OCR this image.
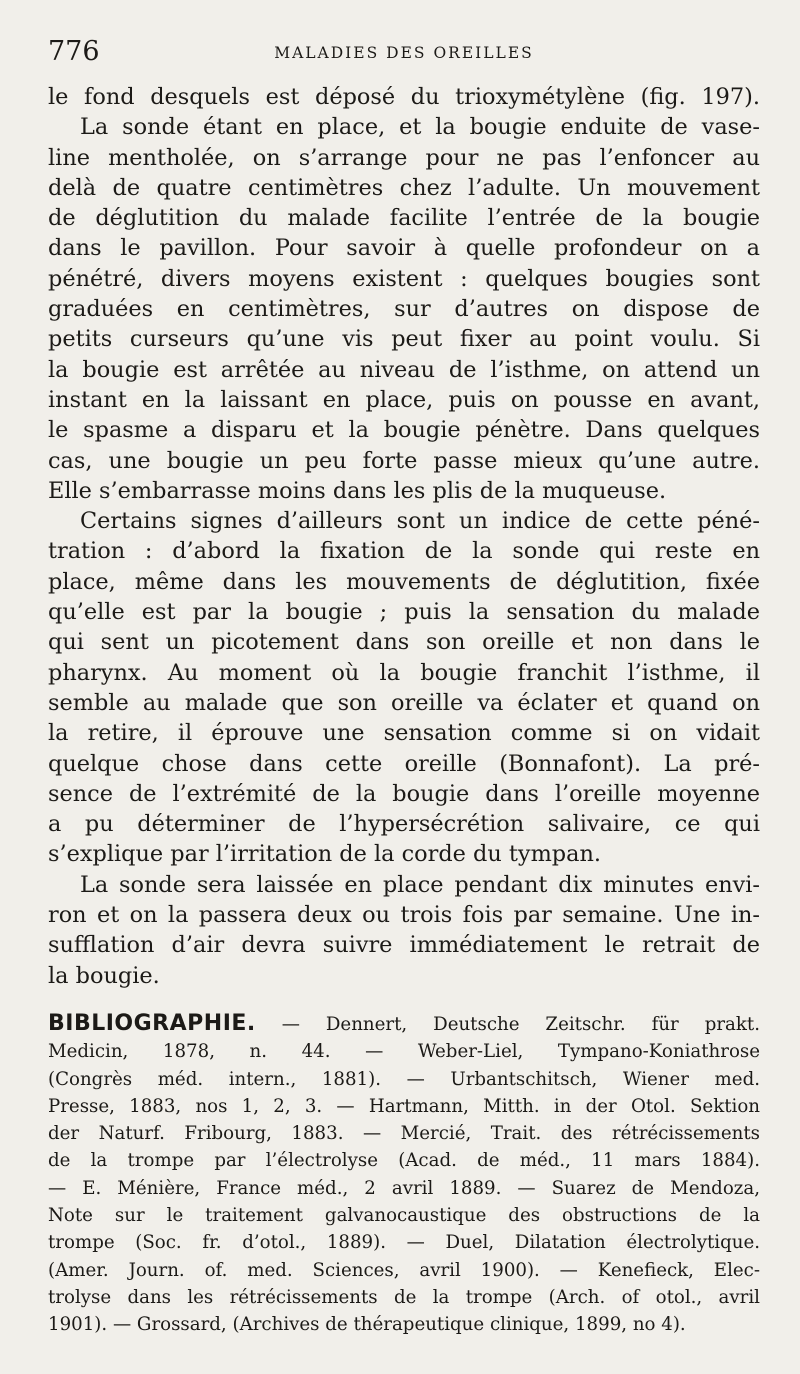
776	MALADIES DES OREILLES
le fond desquels est déposé du trioxymétylène (fig. 197).
La sonde étant en place, et la bougie enduite de vase-
line mentholée, on s’arrange pour ne pas l’enfoncer au
delà de quatre centimètres chez l’adulte. Un mouvement
de déglutition du malade facilite l’entrée de la bougie
dans le pavillon. Pour savoir à quelle profondeur on a
pénétré, divers moyens existent : quelques bougies sont
graduées en centimètres, sur d’autres on dispose de
petits curseurs qu’une vis peut fixer au point voulu. Si
la bougie est arrêtée au niveau de l’isthme, on attend un
instant en la laissant en place, puis on pousse en avant,
le spasme a disparu et la bougie pénètre. Dans quelques
cas, une bougie un peu forte passe mieux qu’une autre.
Elle s’embarrasse moins dans les plis de la muqueuse.
Certains signes d’ailleurs sont un indice de cette péné-
tration : d’abord la fixation de la sonde qui reste en
place, même dans les mouvements de déglutition, fixée
qu’elle est par la bougie ; puis la sensation du malade
qui sent un picotement dans son oreille et non dans le
pharynx. Au moment où la bougie franchit l’isthme, il
semble au malade que son oreille va éclater et quand on
la retire, il éprouve une sensation comme si on vidait
quelque chose dans cette oreille (Bonnafont). La pré-
sence de l’extrémité de la bougie dans l’oreille moyenne
a pu déterminer de l’hypersécrétion salivaire, ce qui
s’explique par l’irritation de la corde du tympan.
La sonde sera laissée en place pendant dix minutes envi-
ron et on la passera deux ou trois fois par semaine. Une in-
sufflation d’air devra suivre immédiatement le retrait de
la bougie.
BIBLIOGRAPHIE. — Dennert, Deutsche Zeitschr. für prakt.
Medicin, 1878, n. 44. — Weber-Liel, Tympano-Koniathrose
(Congrès méd. intern., 1881). — Urbantschitsch, Wiener med.
Presse, 1883, nos 1, 2, 3. — Hartmann, Mitth. in der Otol. Sektion
der Naturf. Fribourg, 1883. — Mercié, Trait. des rétrécissements
de la trompe par l’électrolyse (Acad. de méd., 11 mars 1884).
— E. Ménière, France méd., 2 avril 1889. — Suarez de Mendoza,
Note sur le traitement galvanocaustique des obstructions de la
trompe (Soc. fr. d’otol., 1889). — Duel, Dilatation électrolytique.
(Amer. Journ. of. med. Sciences, avril 1900). — Kenefieck, Elec-
trolyse dans les rétrécissements de la trompe (Arch. of otol., avril
1901). — Grossard, (Archives de thérapeutique clinique, 1899, no 4).
